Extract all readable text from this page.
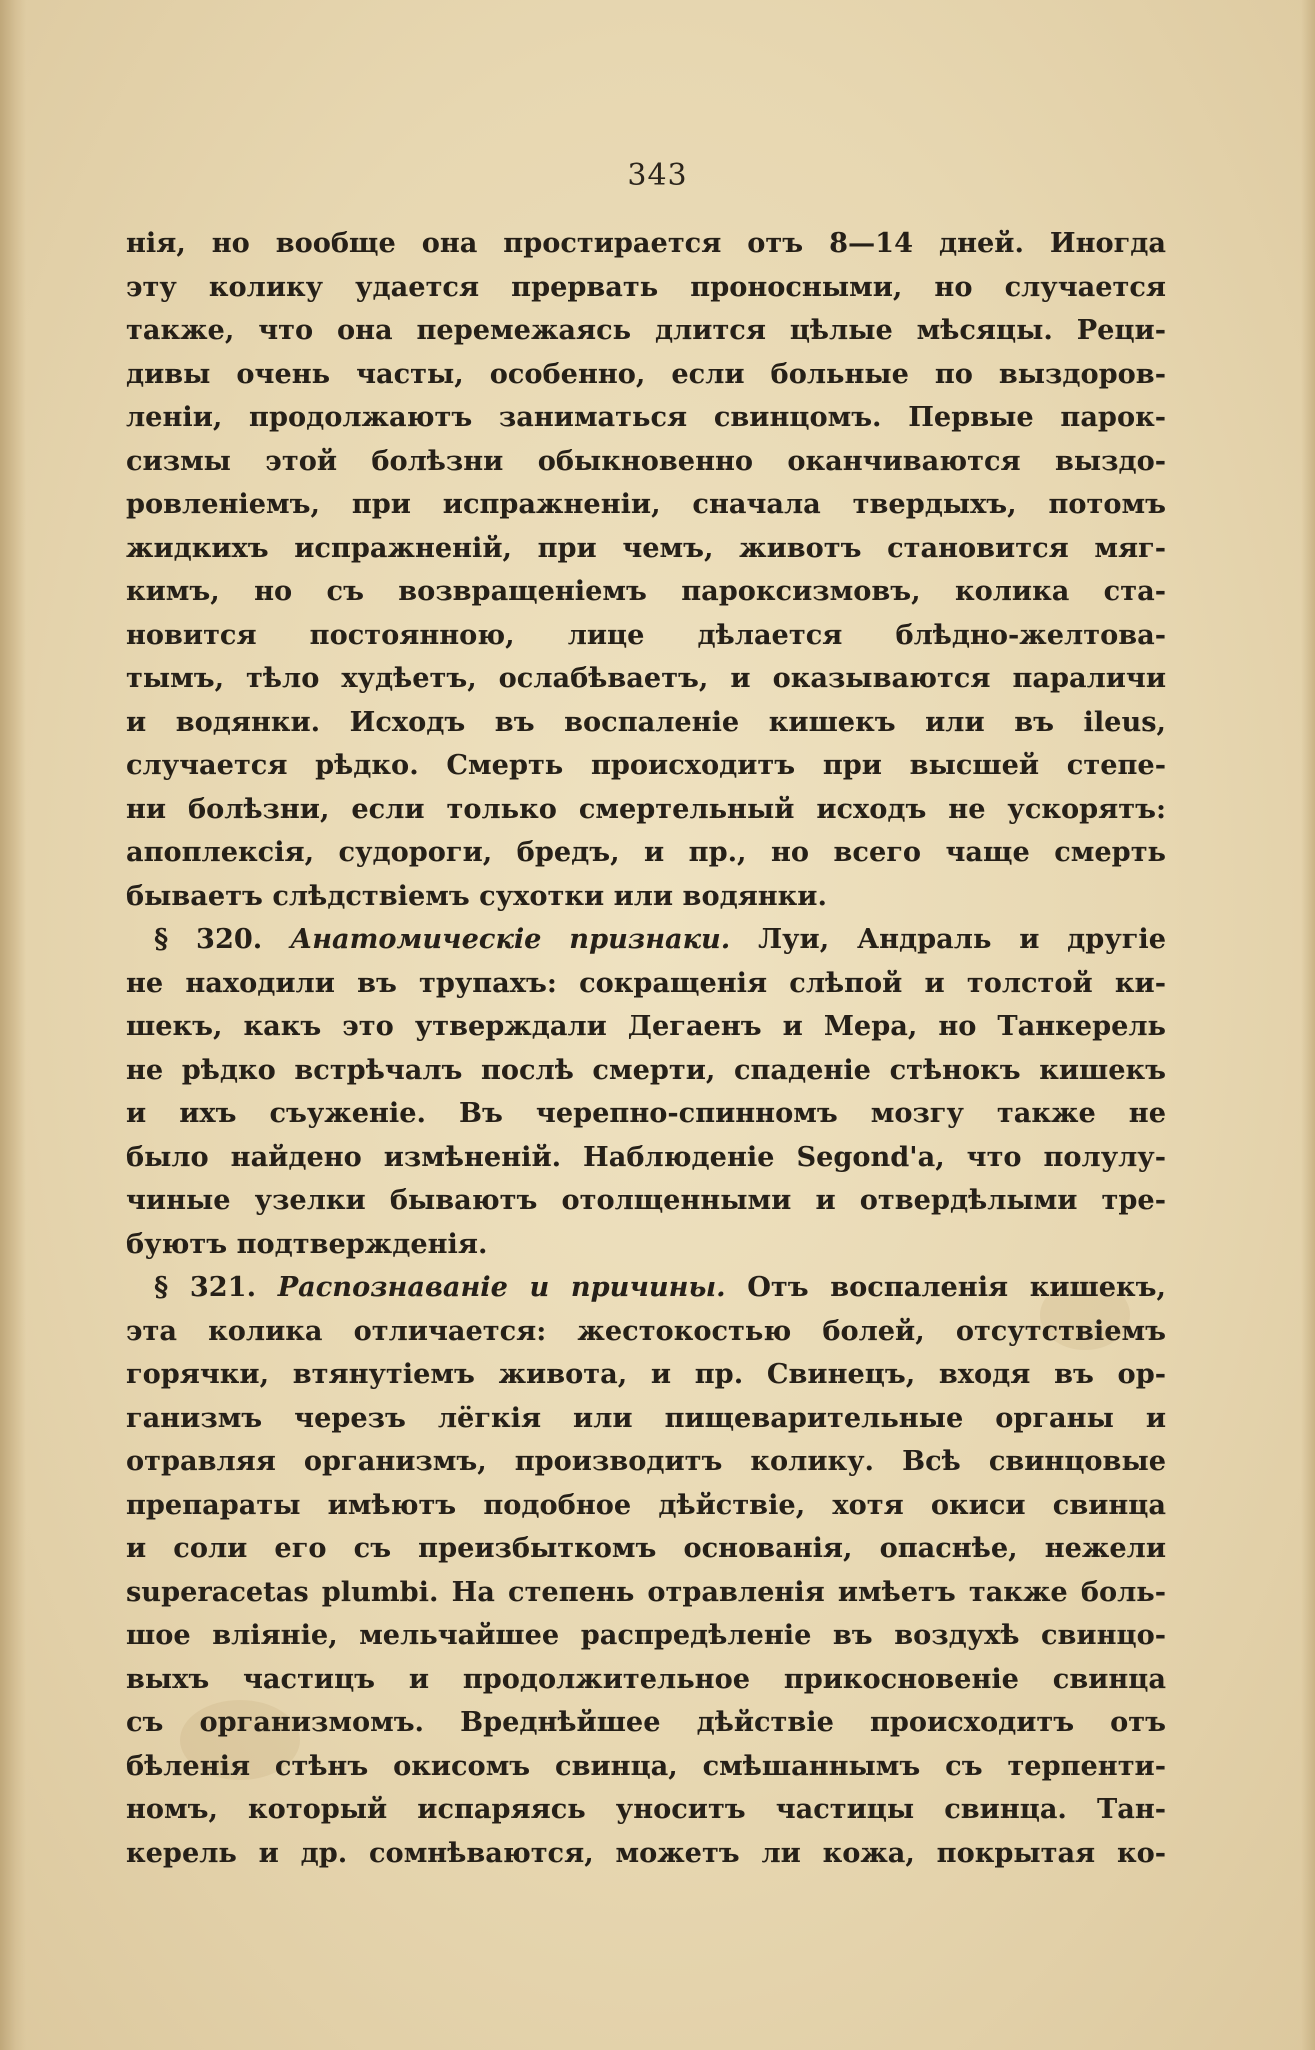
343
нія, но вообще она простирается отъ 8—14 дней. Иногда
эту колику удается прервать проносными, но случается
также, что она перемежаясь длится цѣлые мѣсяцы. Реци-
дивы очень часты, особенно, если больные по выздоров-
леніи, продолжаютъ заниматься свинцомъ. Первые парок-
сизмы этой болѣзни обыкновенно оканчиваются выздо-
ровленіемъ, при испражненіи, сначала твердыхъ, потомъ
жидкихъ испражненій, при чемъ, животъ становится мяг-
кимъ, но съ возвращеніемъ пароксизмовъ, колика ста-
новится постоянною, лице дѣлается блѣдно-желтова-
тымъ, тѣло худѣетъ, ослабѣваетъ, и оказываются параличи
и водянки. Исходъ въ воспаленіе кишекъ или въ ileus,
случается рѣдко. Смерть происходитъ при высшей степе-
ни болѣзни, если только смертельный исходъ не ускорятъ:
апоплексія, судороги, бредъ, и пр., но всего чаще смерть
бываетъ слѣдствіемъ сухотки или водянки.
§ 320. Анатомическіе признаки. Луи, Андраль и другіе
не находили въ трупахъ: сокращенія слѣпой и толстой ки-
шекъ, какъ это утверждали Дегаенъ и Мера, но Танкерель
не рѣдко встрѣчалъ послѣ смерти, спаденіе стѣнокъ кишекъ
и ихъ съуженіе. Въ черепно-спинномъ мозгу также не
было найдено измѣненій. Наблюденіе Segond'а, что полулу-
чиные узелки бываютъ отолщенными и отвердѣлыми тре-
буютъ подтвержденія.
§ 321. Распознаваніе и причины. Отъ воспаленія кишекъ,
эта колика отличается: жестокостью болей, отсутствіемъ
горячки, втянутіемъ живота, и пр. Свинецъ, входя въ ор-
ганизмъ черезъ лёгкія или пищеварительные органы и
отравляя организмъ, производитъ колику. Всѣ свинцовые
препараты имѣютъ подобное дѣйствіе, хотя окиси свинца
и соли его съ преизбыткомъ основанія, опаснѣе, нежели
superacetas plumbi. На степень отравленія имѣетъ также боль-
шое вліяніе, мельчайшее распредѣленіе въ воздухѣ свинцо-
выхъ частицъ и продолжительное прикосновеніе свинца
съ организмомъ. Вреднѣйшее дѣйствіе происходитъ отъ
бѣленія стѣнъ окисомъ свинца, смѣшаннымъ съ терпенти-
номъ, который испаряясь уноситъ частицы свинца. Тан-
керель и др. сомнѣваются, можетъ ли кожа, покрытая ко-
